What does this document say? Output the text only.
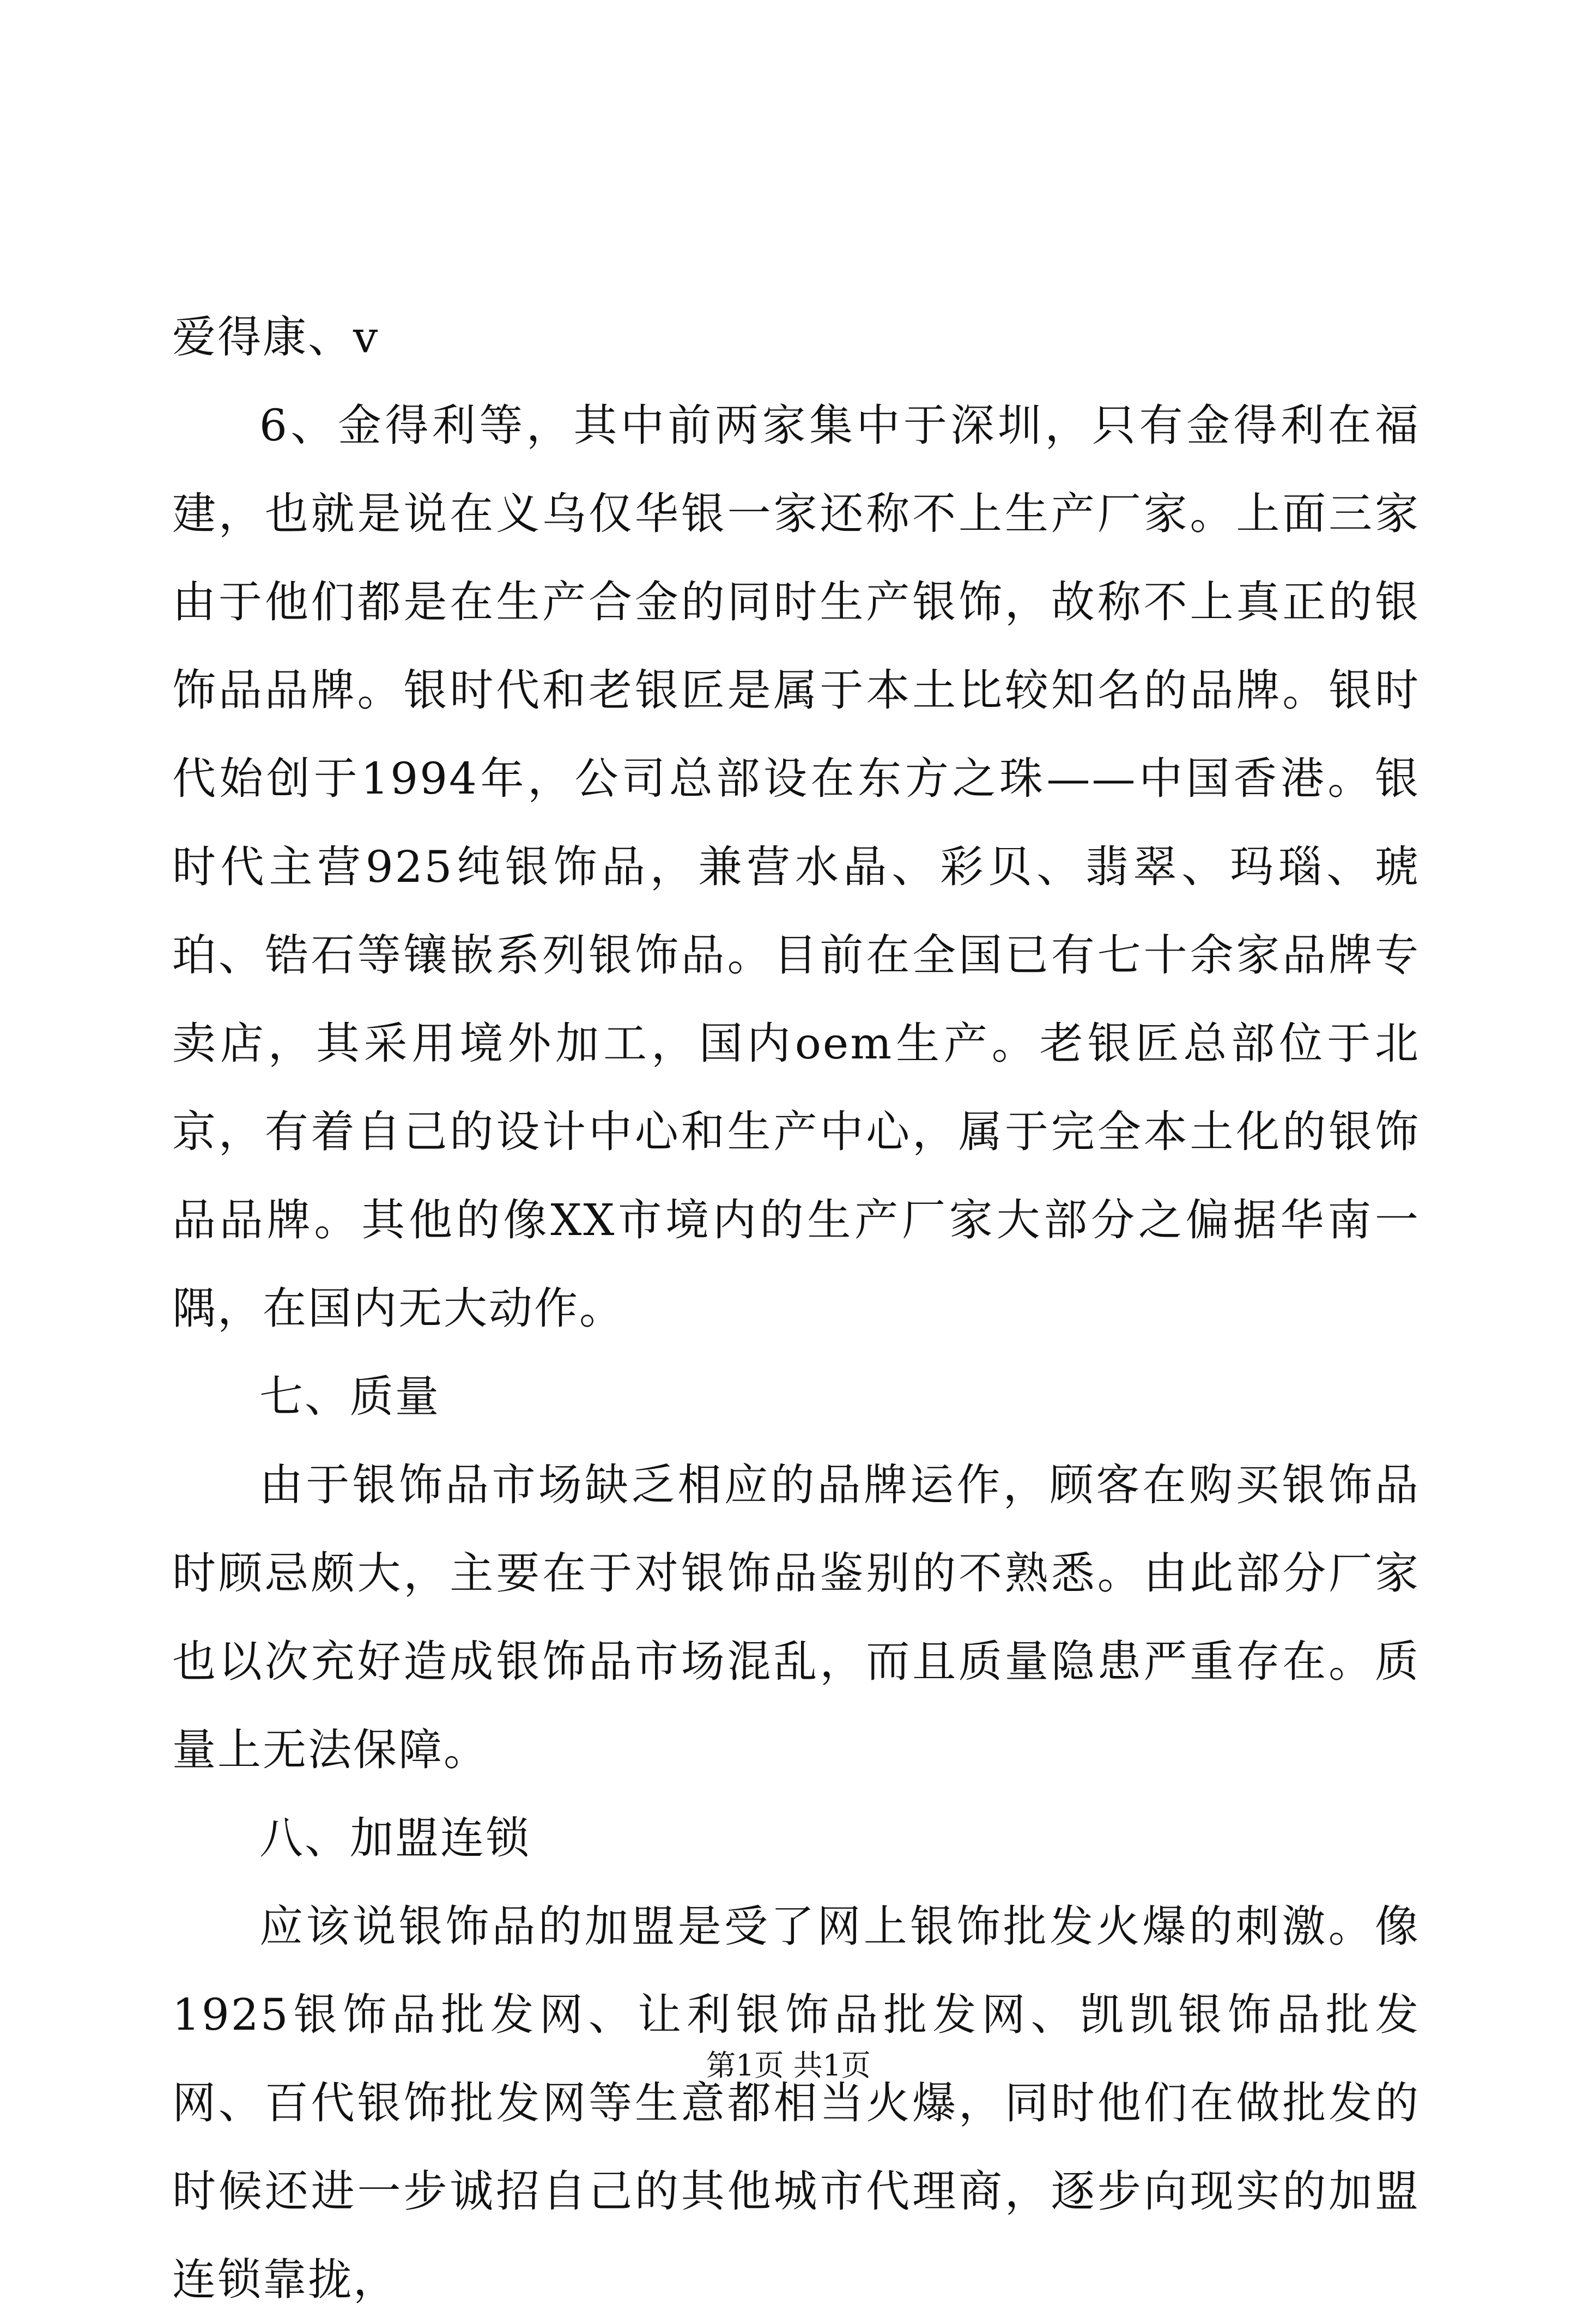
爱得康、v

6、金得利等，其中前两家集中于深圳，只有金得利在福建，也就是说在义乌仅华银一家还称不上生产厂家。上面三家由于他们都是在生产合金的同时生产银饰，故称不上真正的银饰品品牌。银时代和老银匠是属于本土比较知名的品牌。银时代始创于1994年，公司总部设在东方之珠——中国香港。银时代主营925纯银饰品，兼营水晶、彩贝、翡翠、玛瑙、琥珀、锆石等镶嵌系列银饰品。目前在全国已有七十余家品牌专卖店，其采用境外加工，国内oem生产。老银匠总部位于北京，有着自己的设计中心和生产中心，属于完全本土化的银饰品品牌。其他的像XX市境内的生产厂家大部分之偏据华南一隅，在国内无大动作。

七、质量

由于银饰品市场缺乏相应的品牌运作，顾客在购买银饰品时顾忌颇大，主要在于对银饰品鉴别的不熟悉。由此部分厂家也以次充好造成银饰品市场混乱，而且质量隐患严重存在。质量上无法保障。

八、加盟连锁

应该说银饰品的加盟是受了网上银饰批发火爆的刺激。像1925银饰品批发网、让利银饰品批发网、凯凯银饰品批发网、百代银饰批发网等生意都相当火爆，同时他们在做批发的时候还进一步诚招自己的其他城市代理商，逐步向现实的加盟连锁靠拢，

第1页 共1页
